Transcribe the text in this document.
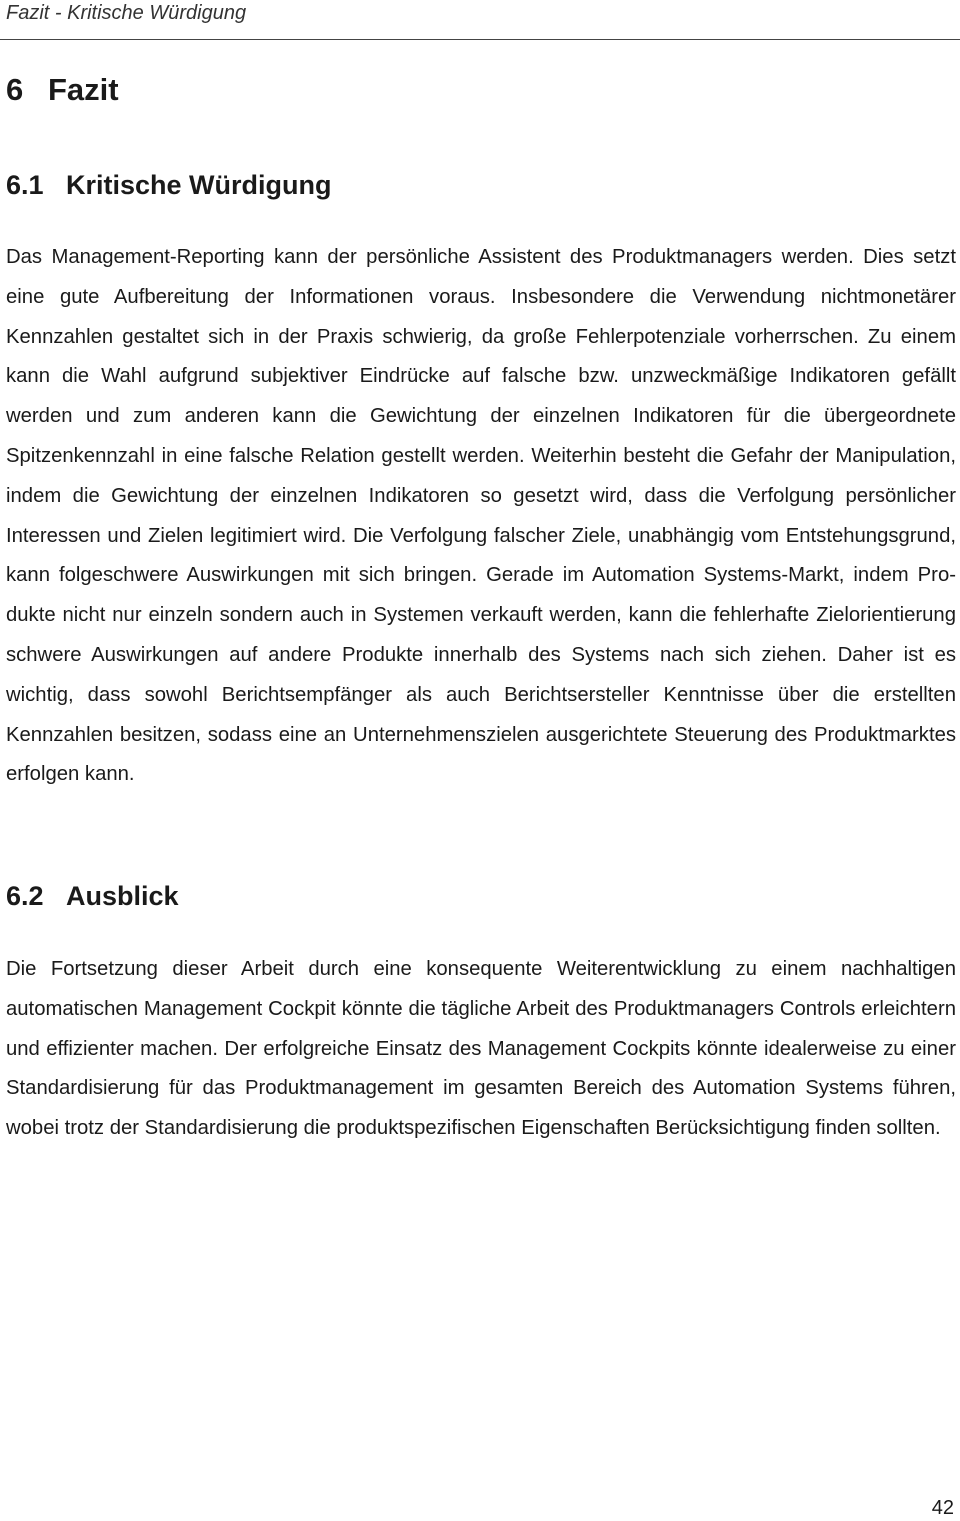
Fazit - Kritische Würdigung
6 Fazit
6.1 Kritische Würdigung

Das Management-Reporting kann der persönliche Assistent des Produktmanagers werden. Dies setzt eine gute Aufbereitung der Informationen voraus. Insbesondere die Verwendung nichtmonetärer Kennzahlen gestaltet sich in der Praxis schwierig, da große Fehlerpotenziale vorherrschen. Zu einem kann die Wahl aufgrund subjektiver Eindrücke auf falsche bzw. unzweckmäßige Indikatoren gefällt werden und zum anderen kann die Gewichtung der einzelnen Indikatoren für die übergeordnete Spitzenkennzahl in eine falsche Relation gestellt werden. Weiterhin besteht die Gefahr der Manipulation, indem die Gewichtung der einzelnen Indikatoren so gesetzt wird, dass die Verfolgung persönlicher Interessen und Zielen legitimiert wird. Die Verfolgung falscher Ziele, unabhängig vom Entstehungsgrund, kann folgeschwere Auswirkungen mit sich bringen. Gerade im Automation Systems-Markt, indem Produkte nicht nur einzeln sondern auch in Systemen verkauft werden, kann die fehlerhafte Zielorientierung schwere Auswirkungen auf andere Produkte innerhalb des Systems nach sich ziehen. Daher ist es wichtig, dass sowohl Berichtsempfänger als auch Berichtsersteller Kenntnisse über die erstellten Kennzahlen besitzen, sodass eine an Unternehmenszielen ausgerichtete Steuerung des Produktmarktes erfolgen kann.

6.2 Ausblick

Die Fortsetzung dieser Arbeit durch eine konsequente Weiterentwicklung zu einem nachhaltigen automatischen Management Cockpit könnte die tägliche Arbeit des Produktmanagers Controls erleichtern und effizienter machen. Der erfolgreiche Einsatz des Management Cockpits könnte idealerweise zu einer Standardisierung für das Produktmanagement im gesamten Bereich des Automation Systems führen, wobei trotz der Standardisierung die produktspezifischen Eigenschaften Berücksichtigung finden sollten.

42
